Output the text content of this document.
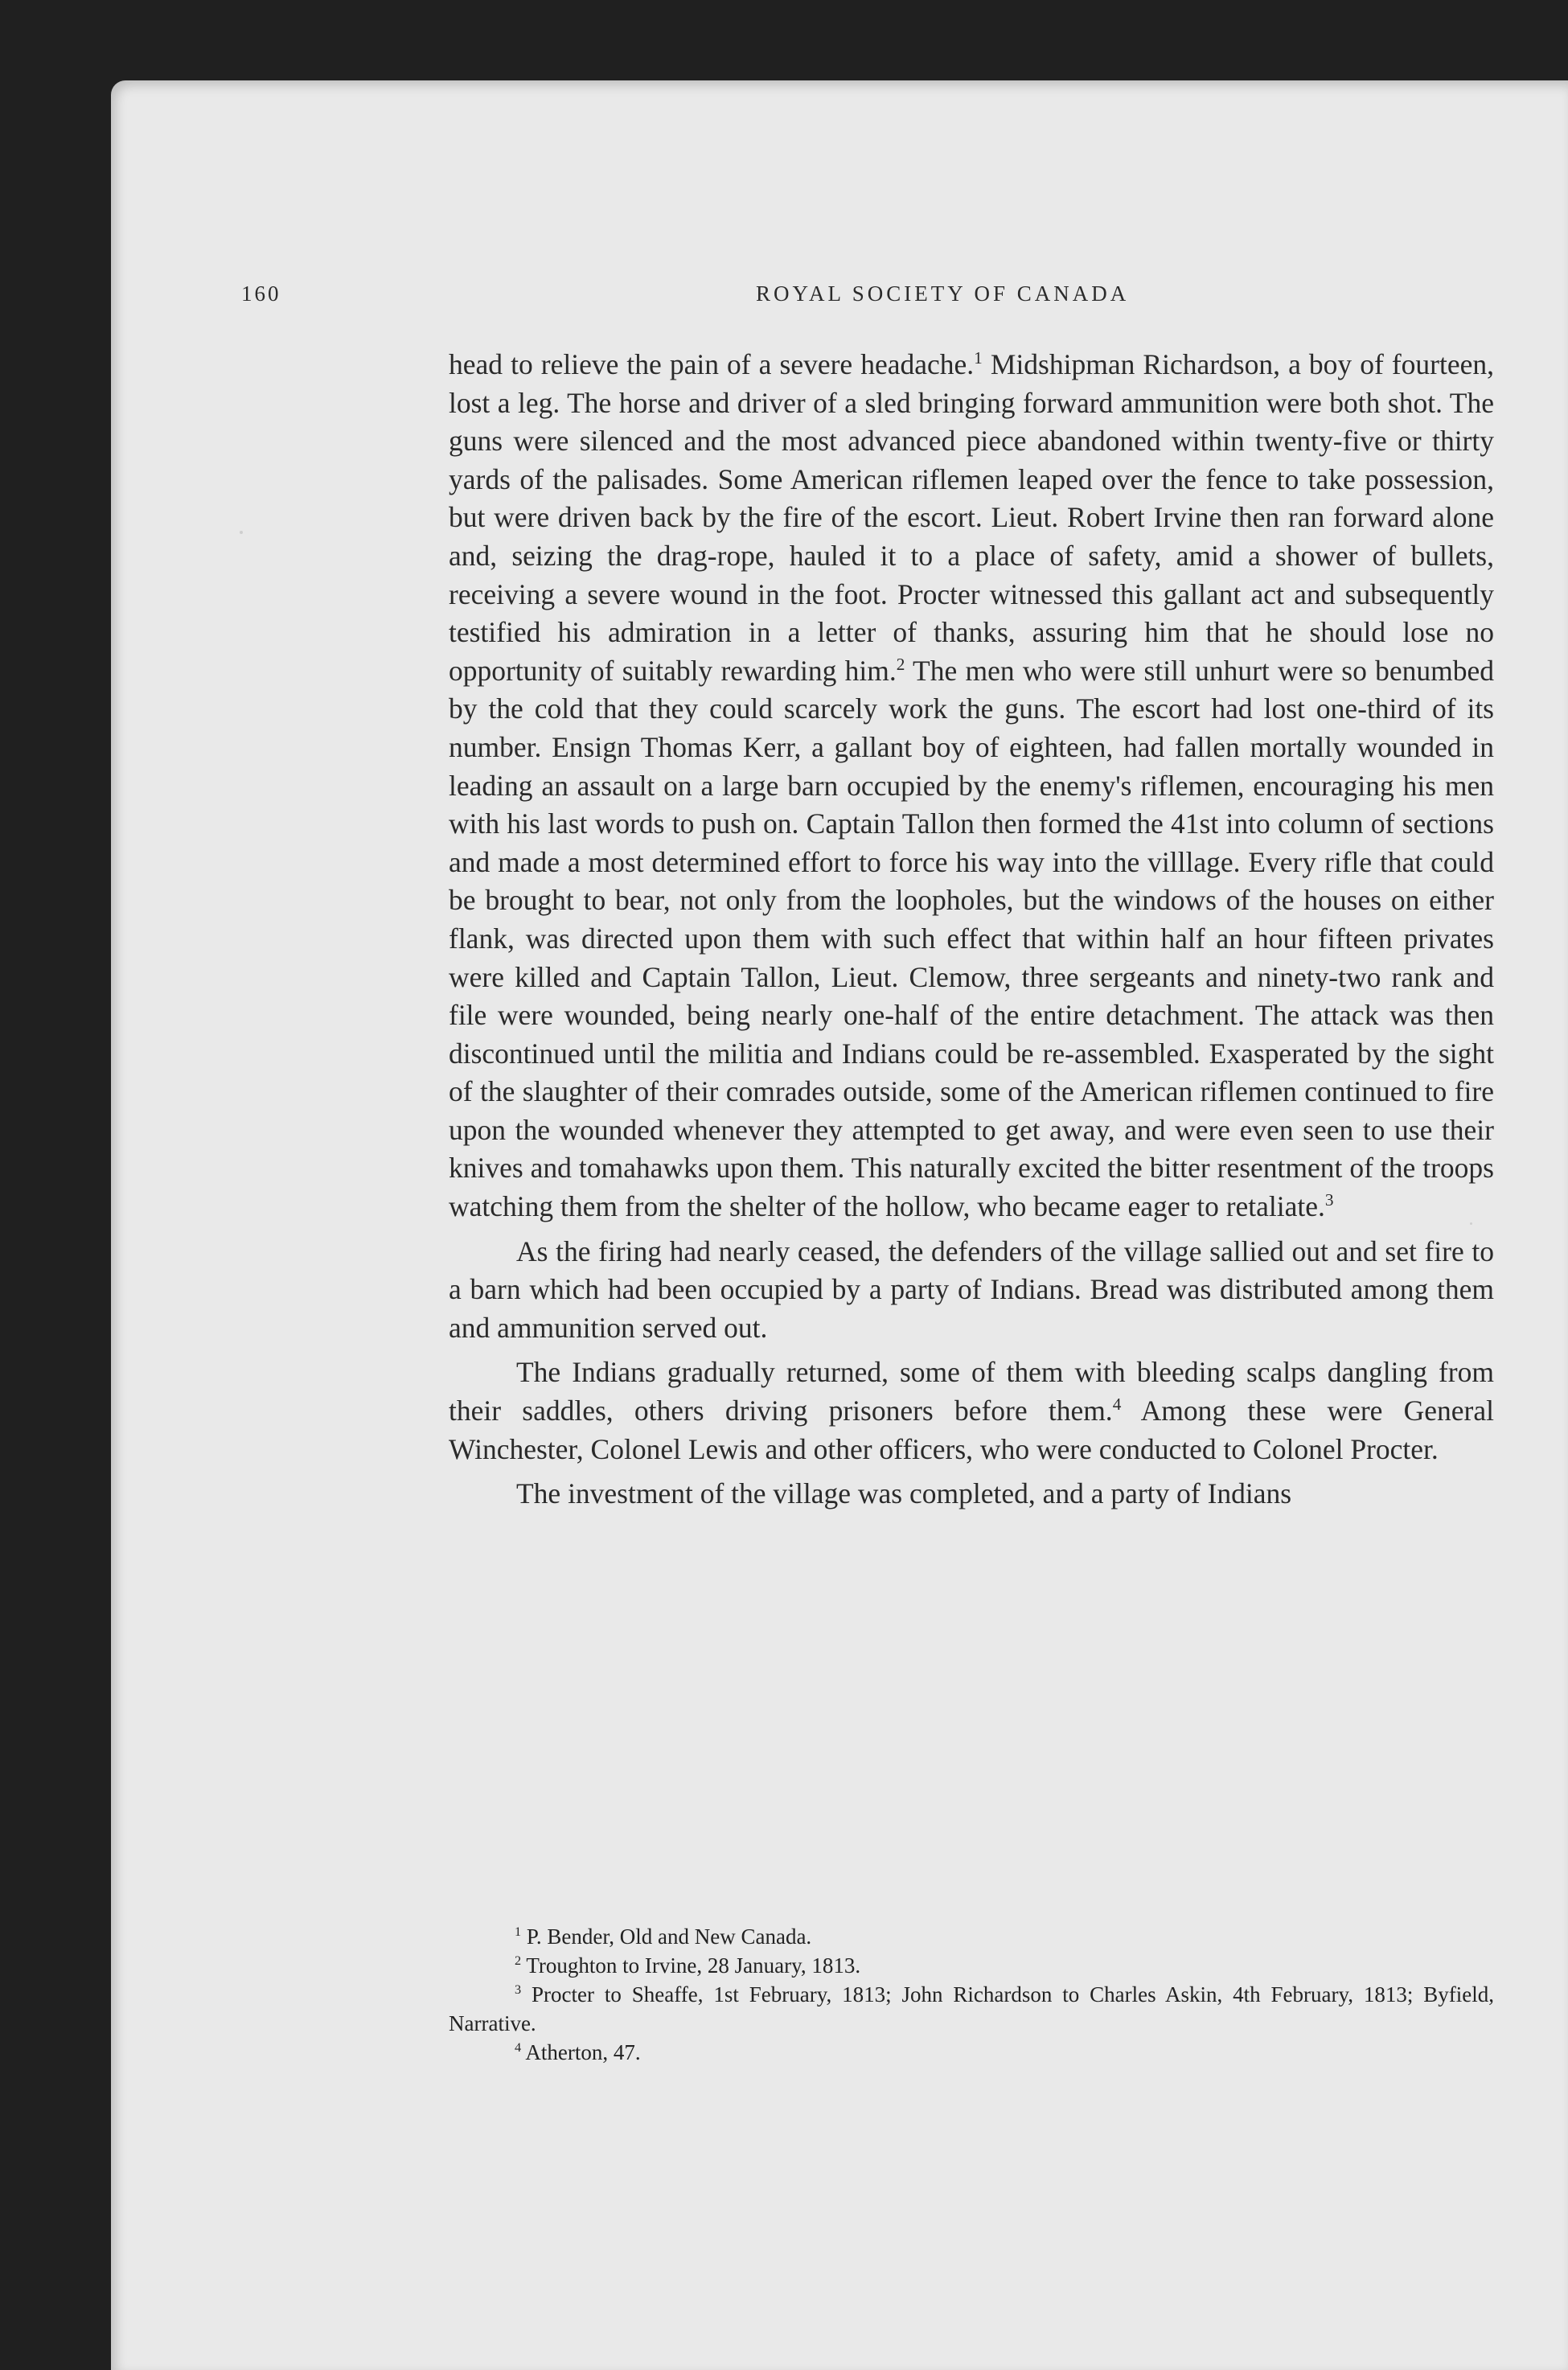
160	ROYAL SOCIETY OF CANADA

head to relieve the pain of a severe headache.$^1$ Midshipman Richardson, a boy of fourteen, lost a leg. The horse and driver of a sled bringing forward ammunition were both shot. The guns were silenced and the most advanced piece abandoned within twenty-five or thirty yards of the palisades. Some American riflemen leaped over the fence to take possession, but were driven back by the fire of the escort. Lieut. Robert Irvine then ran forward alone and, seizing the drag-rope, hauled it to a place of safety, amid a shower of bullets, receiving a severe wound in the foot. Procter witnessed this gallant act and subsequently testified his admiration in a letter of thanks, assuring him that he should lose no opportunity of suitably rewarding him.$^2$ The men who were still unhurt were so benumbed by the cold that they could scarcely work the guns. The escort had lost one-third of its number. Ensign Thomas Kerr, a gallant boy of eighteen, had fallen mortally wounded in leading an assault on a large barn occupied by the enemy's riflemen, encouraging his men with his last words to push on. Captain Tallon then formed the 41st into column of sections and made a most determined effort to force his way into the villlage. Every rifle that could be brought to bear, not only from the loopholes, but the windows of the houses on either flank, was directed upon them with such effect that within half an hour fifteen privates were killed and Captain Tallon, Lieut. Clemow, three sergeants and ninety-two rank and file were wounded, being nearly one-half of the entire detachment. The attack was then discontinued until the militia and Indians could be re-assembled. Exasperated by the sight of the slaughter of their comrades outside, some of the American riflemen continued to fire upon the wounded whenever they attempted to get away, and were even seen to use their knives and tomahawks upon them. This naturally excited the bitter resentment of the troops watching them from the shelter of the hollow, who became eager to retaliate.$^3$

As the firing had nearly ceased, the defenders of the village sallied out and set fire to a barn which had been occupied by a party of Indians. Bread was distributed among them and ammunition served out.

The Indians gradually returned, some of them with bleeding scalps dangling from their saddles, others driving prisoners before them.$^4$ Among these were General Winchester, Colonel Lewis and other officers, who were conducted to Colonel Procter.

The investment of the village was completed, and a party of Indians

$^1$ P. Bender, Old and New Canada.

$^2$ Troughton to Irvine, 28 January, 1813.

$^3$ Procter to Sheaffe, 1st February, 1813; John Richardson to Charles Askin, 4th February, 1813; Byfield, Narrative.

$^4$ Atherton, 47.
